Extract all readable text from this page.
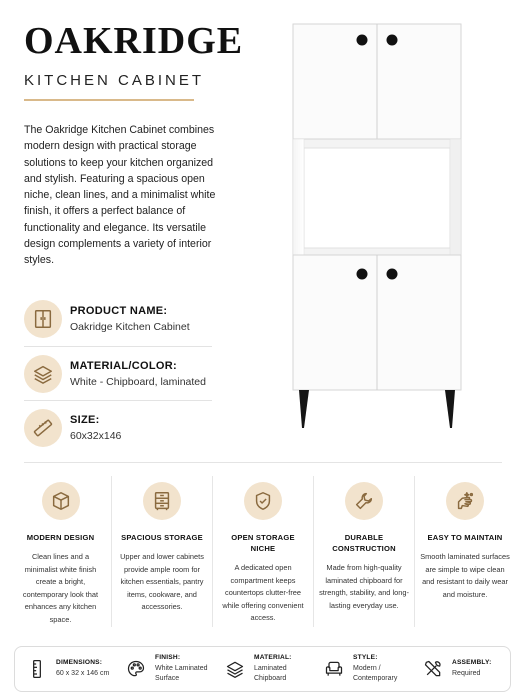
OAKRIDGE
KITCHEN CABINET

The Oakridge Kitchen Cabinet combines modern design with practical storage solutions to keep your kitchen organized and stylish. Featuring a spacious open niche, clean lines, and a minimalist white finish, it offers a perfect balance of functionality and elegance. Its versatile design complements a variety of interior styles.

PRODUCT NAME:
Oakridge Kitchen Cabinet
MATERIAL/COLOR:
White - Chipboard, laminated
SIZE:
60x32x146
MODERN DESIGN
Clean lines and a minimalist white finish create a bright, contemporary look that enhances any kitchen space.
SPACIOUS STORAGE
Upper and lower cabinets provide ample room for kitchen essentials, pantry items, cookware, and accessories.
OPEN STORAGE NICHE
A dedicated open compartment keeps countertops clutter-free while offering convenient access.
DURABLE CONSTRUCTION
Made from high-quality laminated chipboard for strength, stability, and long-lasting everyday use.
EASY TO MAINTAIN
Smooth laminated surfaces are simple to wipe clean and resistant to daily wear and moisture.
DIMENSIONS:
60 x 32 x 146 cm
FINISH:
White Laminated Surface
MATERIAL:
Laminated Chipboard
STYLE:
Modern / Contemporary
ASSEMBLY:
Required
